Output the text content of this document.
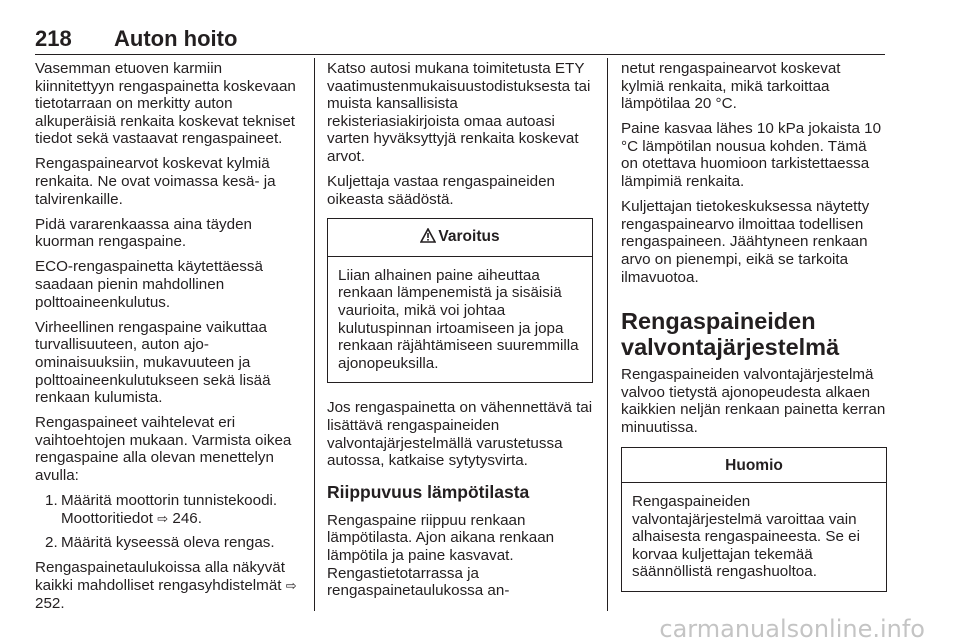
218 Auton hoito

Vasemman etuoven karmiin kiinnitettyyn rengaspainetta koskevaan tietotarraan on merkitty auton alkuperäisiä renkaita koskevat tekniset tiedot sekä vastaavat rengaspaineet.

Rengaspainearvot koskevat kylmiä renkaita. Ne ovat voimassa kesä- ja talvirenkaille.

Pidä vararenkaassa aina täyden kuorman rengaspaine.

ECO-rengaspainetta käytettäessä saadaan pienin mahdollinen polttoaineenkulutus.

Virheellinen rengaspaine vaikuttaa turvallisuuteen, auton ajo-ominaisuuksiin, mukavuuteen ja polttoaineenkulutukseen sekä lisää renkaan kulumista.

Rengaspaineet vaihtelevat eri vaihtoehtojen mukaan. Varmista oikea rengaspaine alla olevan menettelyn avulla:

1. Määritä moottorin tunnistekoodi. Moottoritiedot ⇨ 246.
2. Määritä kyseessä oleva rengas.

Rengaspainetaulukoissa alla näkyvät kaikki mahdolliset rengasyhdistelmät ⇨ 252.

Katso autosi mukana toimitetusta ETY vaatimustenmukaisuustodistuksesta tai muista kansallisista rekisteriasiakirjoista omaa autoasi varten hyväksyttyjä renkaita koskevat arvot.

Kuljettaja vastaa rengaspaineiden oikeasta säädöstä.

Varoitus
Liian alhainen paine aiheuttaa renkaan lämpenemistä ja sisäisiä vaurioita, mikä voi johtaa kulutuspinnan irtoamiseen ja jopa renkaan räjähtämiseen suuremmilla ajonopeuksilla.

Jos rengaspainetta on vähennettävä tai lisättävä rengaspaineiden valvontajärjestelmällä varustetussa autossa, katkaise sytytysvirta.

Riippuvuus lämpötilasta

Rengaspaine riippuu renkaan lämpötilasta. Ajon aikana renkaan lämpötila ja paine kasvavat. Rengastietotarrassa ja rengaspainetaulukossa an-

netut rengaspainearvot koskevat kylmiä renkaita, mikä tarkoittaa lämpötilaa 20 °C.

Paine kasvaa lähes 10 kPa jokaista 10 °C lämpötilan nousua kohden. Tämä on otettava huomioon tarkistettaessa lämpimiä renkaita.

Kuljettajan tietokeskuksessa näytetty rengaspainearvo ilmoittaa todellisen rengaspaineen. Jäähtyneen renkaan arvo on pienempi, eikä se tarkoita ilmavuotoa.

Rengaspaineiden valvontajärjestelmä

Rengaspaineiden valvontajärjestelmä valvoo tietystä ajonopeudesta alkaen kaikkien neljän renkaan painetta kerran minuutissa.

Huomio
Rengaspaineiden valvontajärjestelmä varoittaa vain alhaisesta rengaspaineesta. Se ei korvaa kuljettajan tekemää säännöllistä rengashuoltoa.
carmanualsonline.info
